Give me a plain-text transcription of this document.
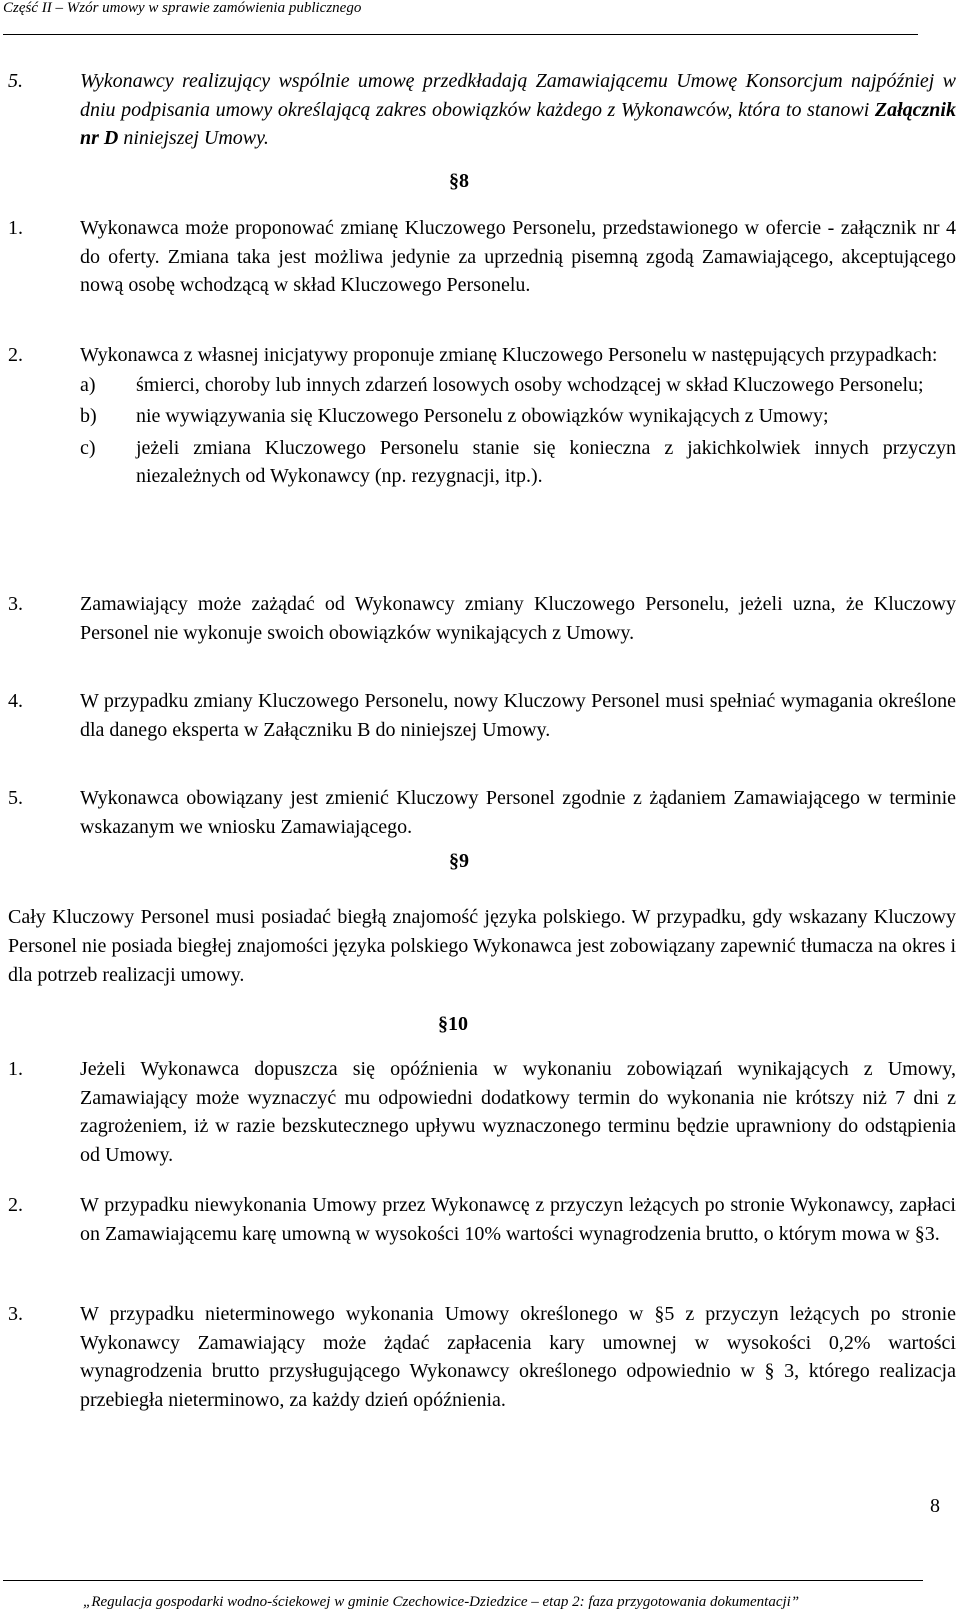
Część II – Wzór umowy w sprawie zamówienia publicznego
5.	Wykonawcy realizujący wspólnie umowę przedkładają Zamawiającemu Umowę Konsorcjum najpóźniej w dniu podpisania umowy określającą zakres obowiązków każdego z Wykonawców, która to stanowi Załącznik nr D niniejszej Umowy.
§8
1.	Wykonawca może proponować zmianę Kluczowego Personelu, przedstawionego w ofercie - załącznik nr 4 do oferty. Zmiana taka jest możliwa jedynie za uprzednią pisemną zgodą Zamawiającego, akceptującego nową osobę wchodzącą w skład Kluczowego Personelu.
2.	Wykonawca z własnej inicjatywy proponuje zmianę Kluczowego Personelu w następujących przypadkach:
a)	śmierci, choroby lub innych zdarzeń losowych osoby wchodzącej w skład Kluczowego Personelu;
b)	nie wywiązywania się Kluczowego Personelu z obowiązków wynikających z Umowy;
c)	jeżeli zmiana Kluczowego Personelu stanie się konieczna z jakichkolwiek innych przyczyn niezależnych od Wykonawcy (np. rezygnacji, itp.).
3.	Zamawiający może zażądać od Wykonawcy zmiany Kluczowego Personelu, jeżeli uzna, że Kluczowy Personel nie wykonuje swoich obowiązków wynikających z Umowy.
4.	W przypadku zmiany Kluczowego Personelu, nowy Kluczowy Personel musi spełniać wymagania określone dla danego eksperta w Załączniku B do niniejszej Umowy.
5.	Wykonawca obowiązany jest zmienić Kluczowy Personel zgodnie z żądaniem Zamawiającego w terminie wskazanym we wniosku Zamawiającego.
§9
Cały Kluczowy Personel musi posiadać biegłą znajomość języka polskiego. W przypadku, gdy wskazany Kluczowy Personel nie posiada biegłej znajomości języka polskiego Wykonawca jest zobowiązany zapewnić tłumacza na okres i dla potrzeb realizacji umowy.
§10
1.	Jeżeli Wykonawca dopuszcza się opóźnienia w wykonaniu zobowiązań wynikających z Umowy, Zamawiający może wyznaczyć mu odpowiedni dodatkowy termin do wykonania nie krótszy niż 7 dni z zagrożeniem, iż w razie bezskutecznego upływu wyznaczonego terminu będzie uprawniony do odstąpienia od Umowy.
2.	W przypadku niewykonania Umowy przez Wykonawcę z przyczyn leżących po stronie Wykonawcy, zapłaci on Zamawiającemu karę umowną w wysokości 10% wartości wynagrodzenia brutto, o którym mowa w §3.
3.	W przypadku nieterminowego wykonania Umowy określonego w §5 z przyczyn leżących po stronie Wykonawcy Zamawiający może żądać zapłacenia kary umownej w wysokości 0,2% wartości wynagrodzenia brutto przysługującego Wykonawcy określonego odpowiednio w § 3, którego realizacja przebiegła nieterminowo, za każdy dzień opóźnienia.
8
„Regulacja gospodarki wodno-ściekowej w gminie Czechowice-Dziedzice – etap 2: faza przygotowania dokumentacji”
